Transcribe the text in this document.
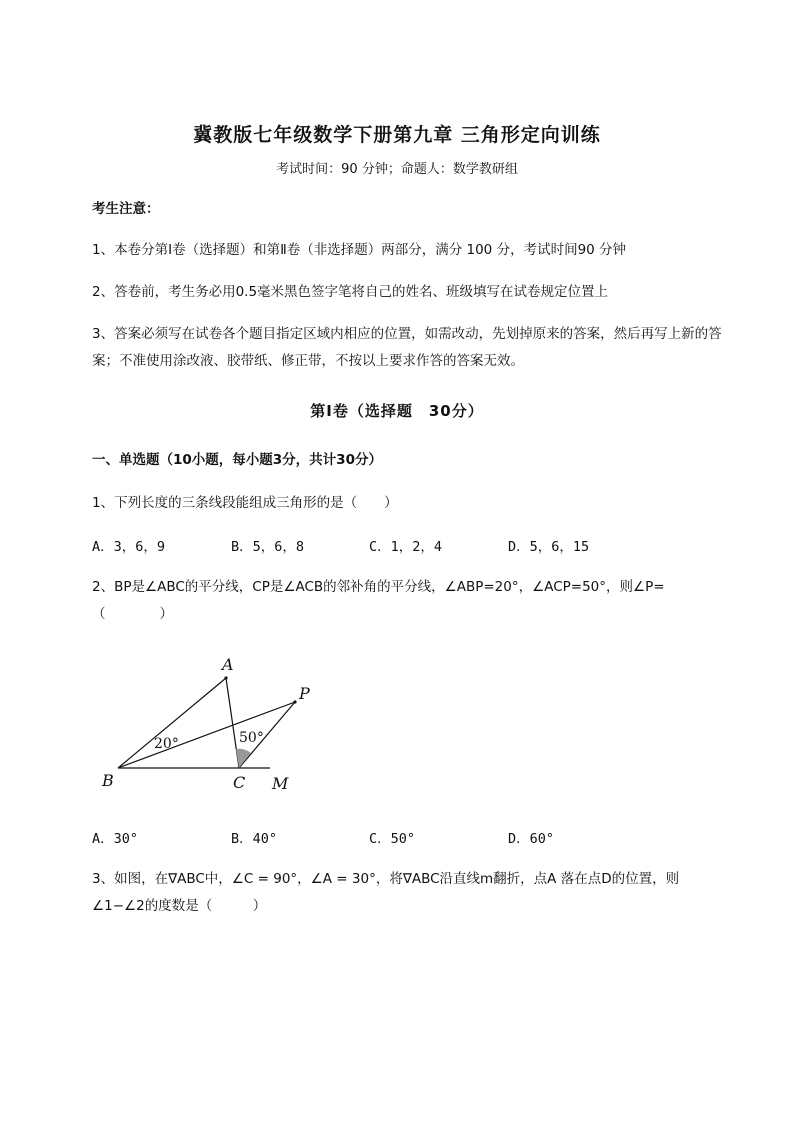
冀教版七年级数学下册第九章 三角形定向训练
考试时间：90 分钟；命题人：数学教研组
考生注意：
1、本卷分第Ⅰ卷（选择题）和第Ⅱ卷（非选择题）两部分，满分 100 分，考试时间90 分钟
2、答卷前，考生务必用0.5毫米黑色签字笔将自己的姓名、班级填写在试卷规定位置上
3、答案必须写在试卷各个题目指定区域内相应的位置，如需改动，先划掉原来的答案，然后再写上新的答案；不准使用涂改液、胶带纸、修正带，不按以上要求作答的答案无效。
第Ⅰ卷（选择题　30分）
一、单选题（10小题，每小题3分，共计30分）
1、下列长度的三条线段能组成三角形的是（　　）
A．3，6，9	B．5，6，8	C．1，2，4	D．5，6，15
2、BP是∠ABC的平分线，CP是∠ACB的邻补角的平分线，∠ABP=20°，∠ACP=50°，则∠P=
（　　　　）
A
P
B	C M
20°	50°
A．30°	B．40°	C．50°	D．60°
3、如图，在∇ABC中，∠C = 90°，∠A = 30°，将∇ABC沿直线m翻折，点A 落在点D的位置，则
∠1−∠2的度数是（　　　）
